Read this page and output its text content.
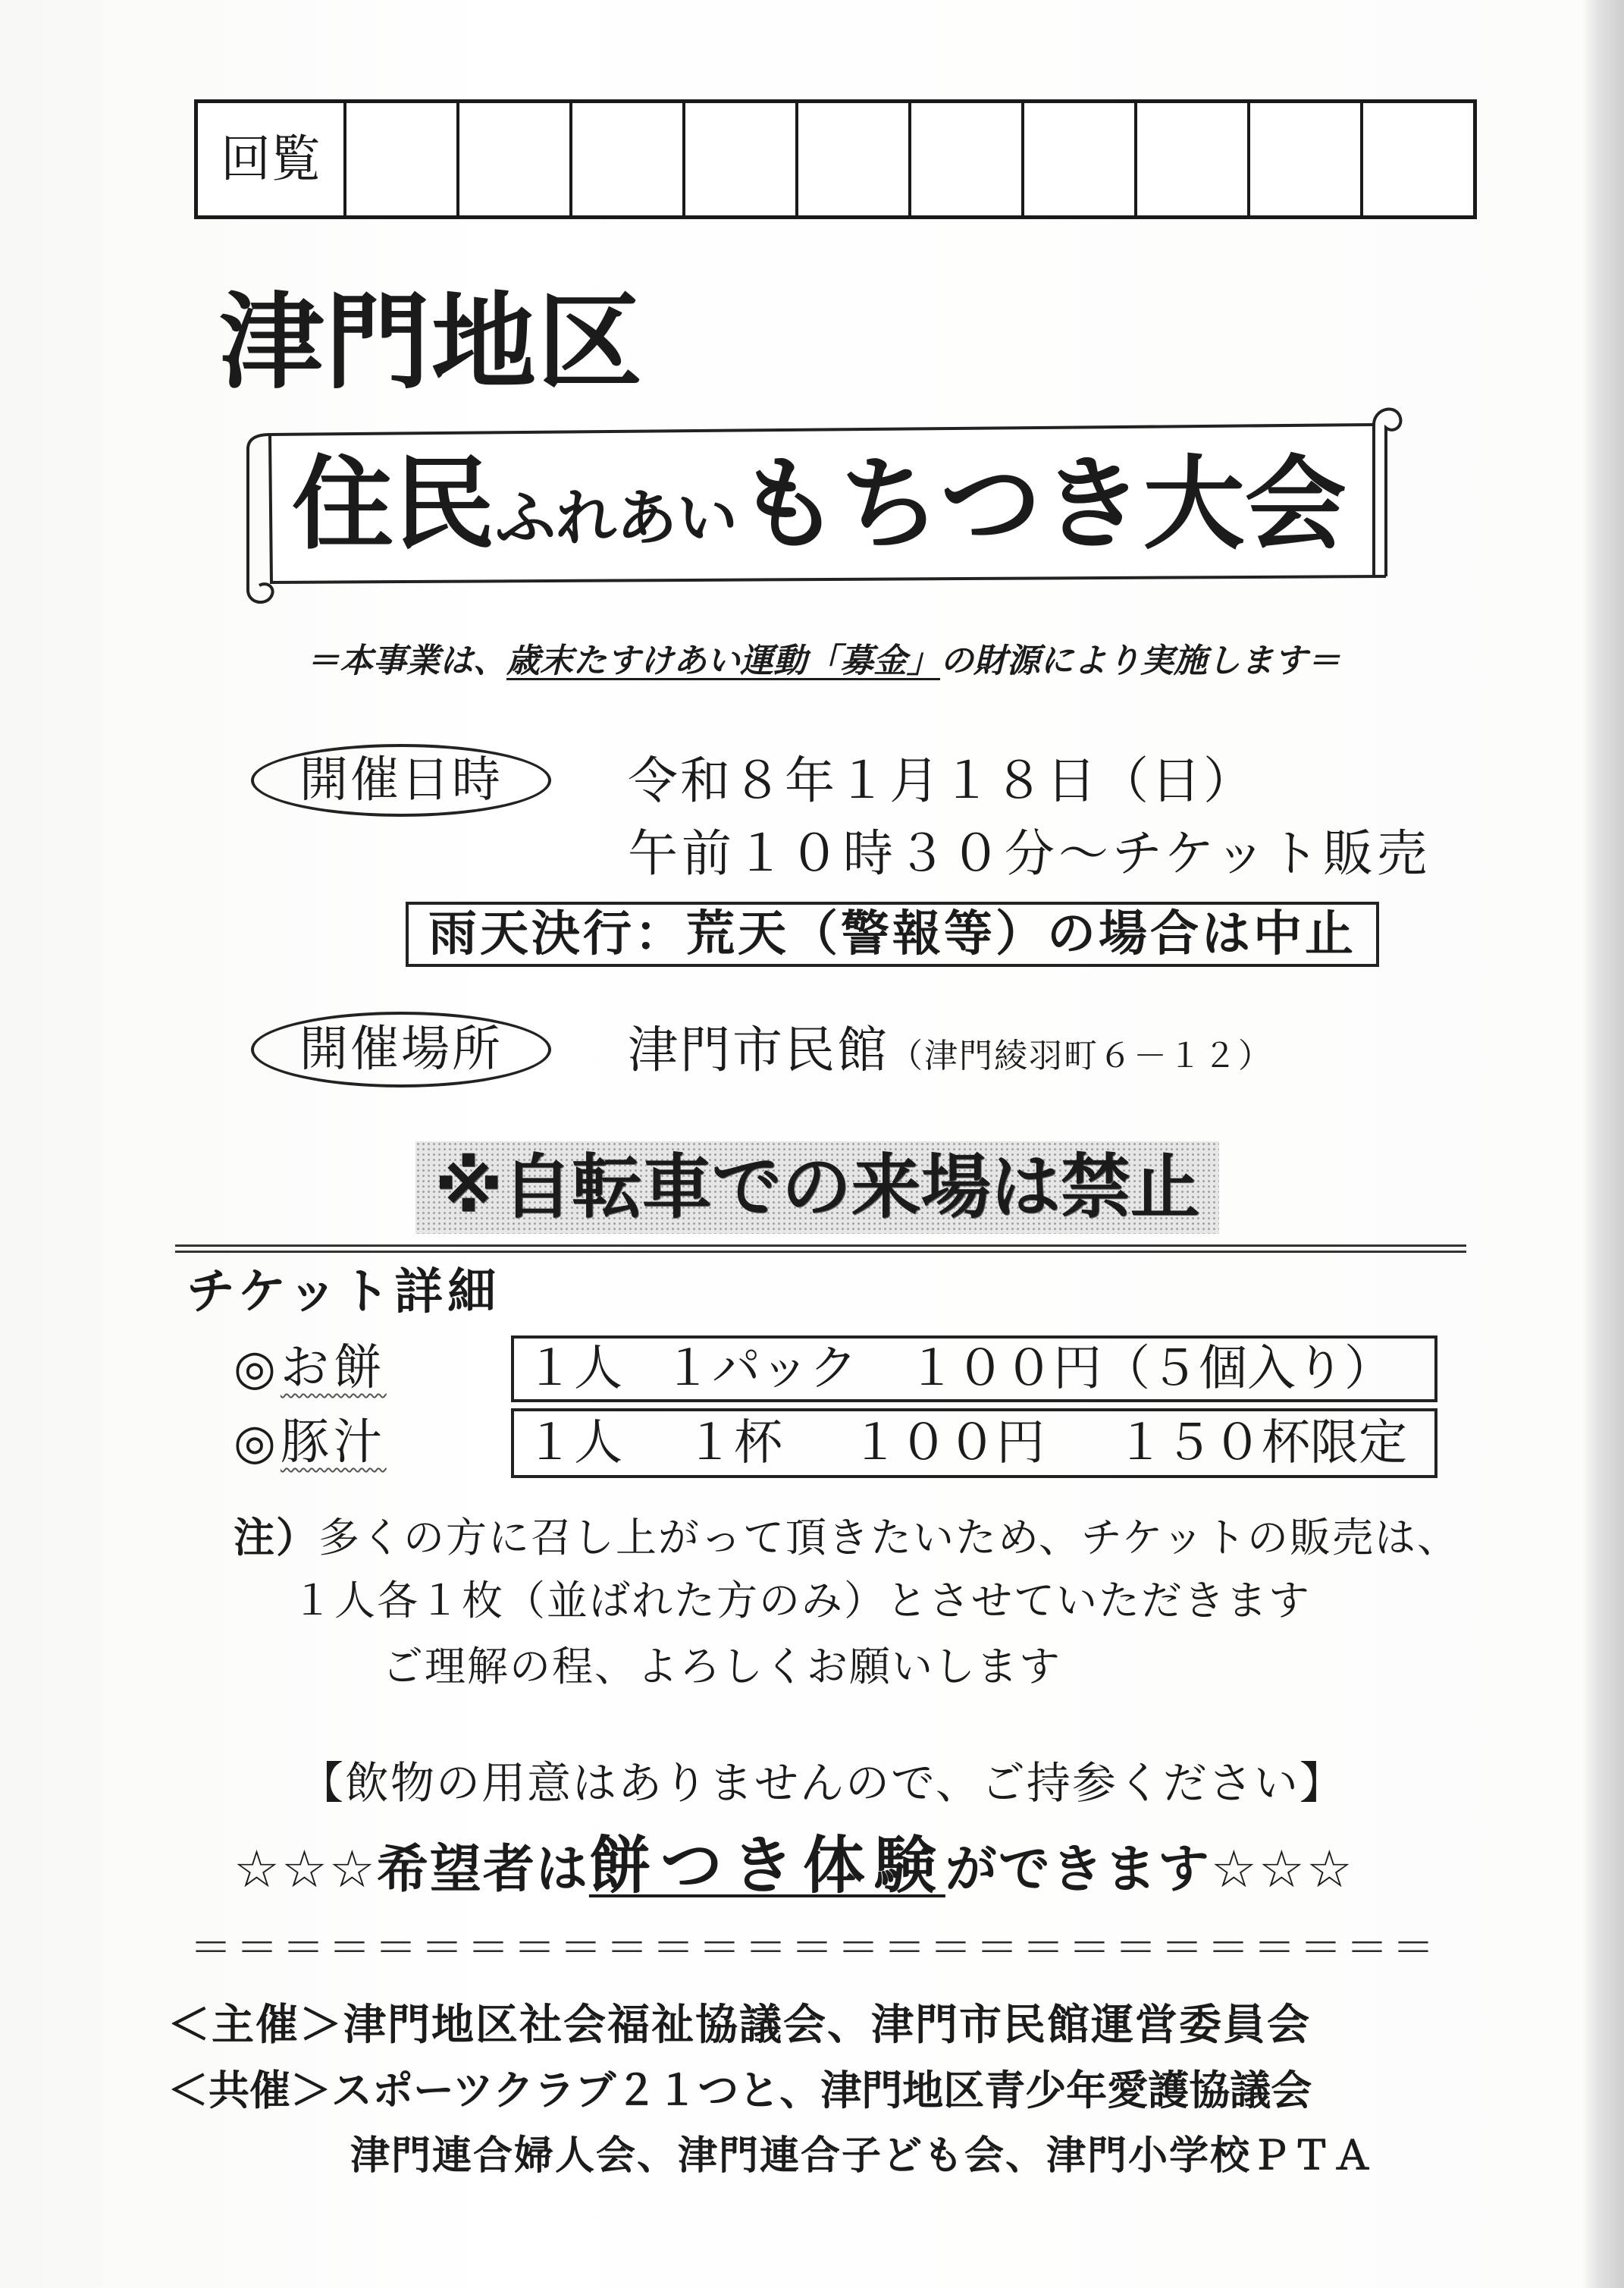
回覧
津門地区
住民ふれあいもちつき大会
＝本事業は、歳末たすけあい運動「募金」の財源により実施します＝
開催日時	令和８年１月１８日（日）
午前１０時３０分～チケット販売
雨天決行：荒天（警報等）の場合は中止
開催場所	津門市民館（津門綾羽町６－１２）
※自転車での来場は禁止
チケット詳細
◎お餅	１人 １パック １００円（５個入り）
◎豚汁	１人 １杯 １００円 １５０杯限定
注）多くの方に召し上がって頂きたいため、チケットの販売は、
１人各１枚（並ばれた方のみ）とさせていただきます
ご理解の程、よろしくお願いします
【飲物の用意はありませんので、ご持参ください】
☆☆☆希望者は餅つき体験ができます☆☆☆
＝＝＝＝＝＝＝＝＝＝＝＝＝＝＝＝＝＝＝＝＝＝＝＝＝＝＝
＜主催＞津門地区社会福祉協議会、津門市民館運営委員会
＜共催＞スポーツクラブ２１つと、津門地区青少年愛護協議会
津門連合婦人会、津門連合子ども会、津門小学校ＰＴＡ
